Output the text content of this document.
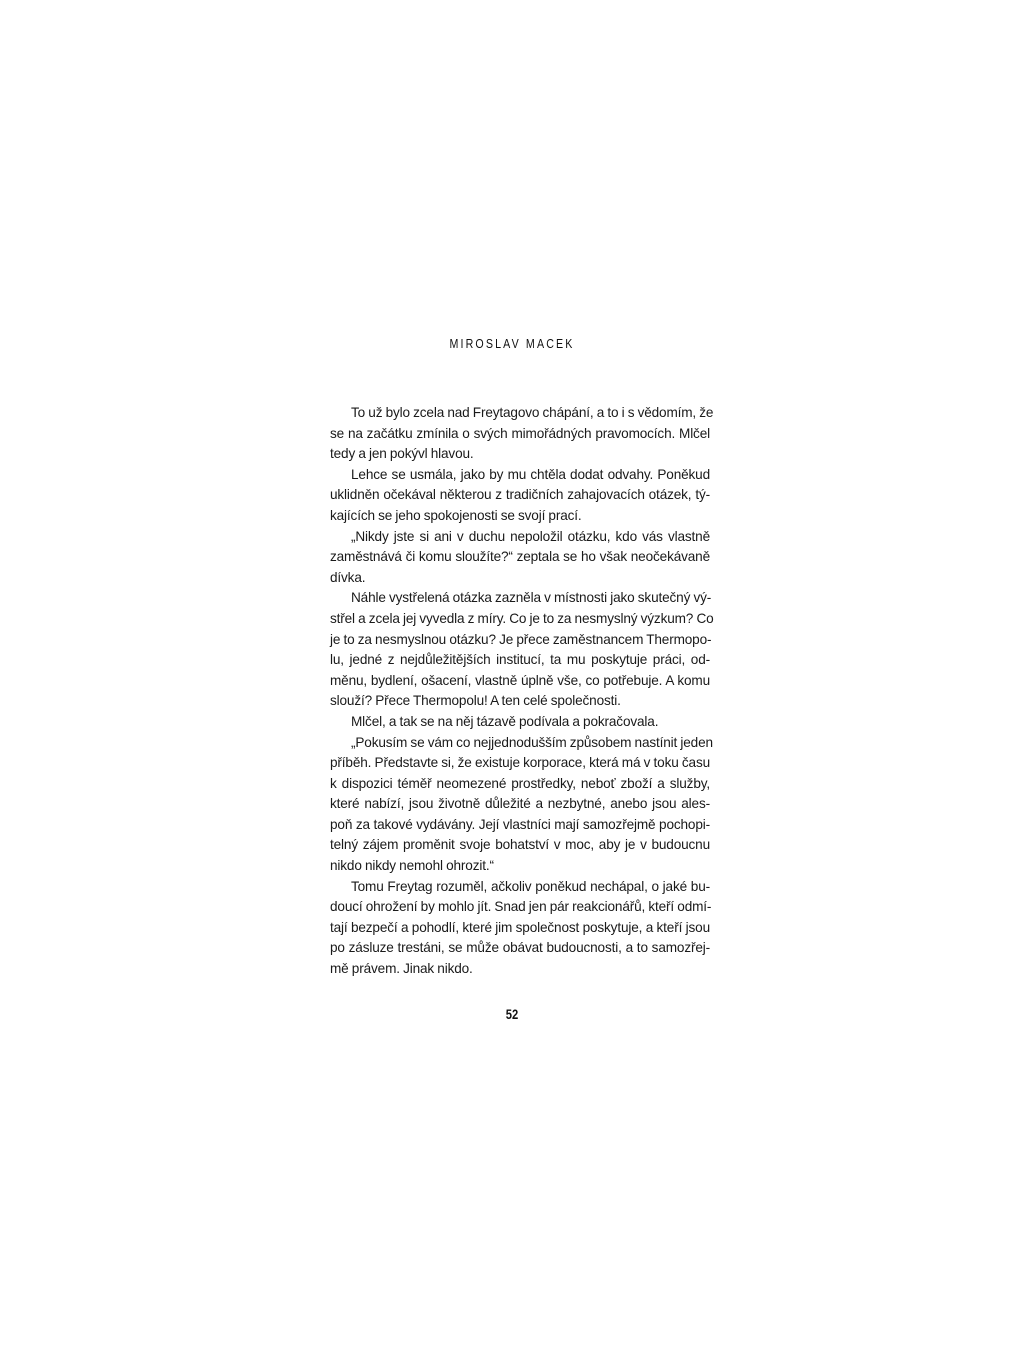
MIROSLAV MACEK

To už bylo zcela nad Freytagovo chápání, a to i s vědomím, že
se na začátku zmínila o svých mimořádných pravomocích. Mlčel
tedy a jen pokývl hlavou.

Lehce se usmála, jako by mu chtěla dodat odvahy. Poněkud
uklidněn očekával některou z tradičních zahajovacích otázek, tý-
kajících se jeho spokojenosti se svojí prací.

„Nikdy jste si ani v duchu nepoložil otázku, kdo vás vlastně
zaměstnává či komu sloužíte?“ zeptala se ho však neočekávaně
dívka.

Náhle vystřelená otázka zazněla v místnosti jako skutečný vý-
střel a zcela jej vyvedla z míry. Co je to za nesmyslný výzkum? Co
je to za nesmyslnou otázku? Je přece zaměstnancem Thermopo-
lu, jedné z nejdůležitějších institucí, ta mu poskytuje práci, od-
měnu, bydlení, ošacení, vlastně úplně vše, co potřebuje. A komu
slouží? Přece Thermopolu! A ten celé společnosti.

Mlčel, a tak se na něj tázavě podívala a pokračovala.

„Pokusím se vám co nejjednodušším způsobem nastínit jeden
příběh. Představte si, že existuje korporace, která má v toku času
k dispozici téměř neomezené prostředky, neboť zboží a služby,
které nabízí, jsou životně důležité a nezbytné, anebo jsou ales-
poň za takové vydávány. Její vlastníci mají samozřejmě pochopi-
telný zájem proměnit svoje bohatství v moc, aby je v budoucnu
nikdo nikdy nemohl ohrozit.“

Tomu Freytag rozuměl, ačkoliv poněkud nechápal, o jaké bu-
doucí ohrožení by mohlo jít. Snad jen pár reakcionářů, kteří odmí-
tají bezpečí a pohodlí, které jim společnost poskytuje, a kteří jsou
po zásluze trestáni, se může obávat budoucnosti, a to samozřej-
mě právem. Jinak nikdo.

52
